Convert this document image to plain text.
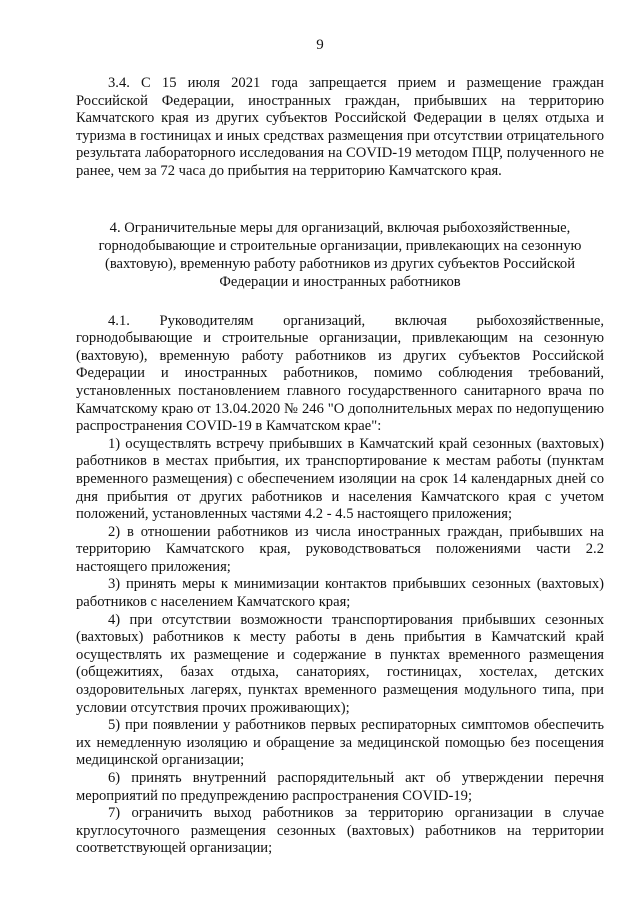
9

3.4. С 15 июля 2021 года запрещается прием и размещение граждан Российской Федерации, иностранных граждан, прибывших на территорию Камчатского края из других субъектов Российской Федерации в целях отдыха и туризма в гостиницах и иных средствах размещения при отсутствии отрицательного результата лабораторного исследования на COVID-19 методом ПЦР, полученного не ранее, чем за 72 часа до прибытия на территорию Камчатского края.

4. Ограничительные меры для организаций, включая рыбохозяйственные, горнодобывающие и строительные организации, привлекающих на сезонную (вахтовую), временную работу работников из других субъектов Российской Федерации и иностранных работников

4.1. Руководителям организаций, включая рыбохозяйственные, горнодобывающие и строительные организации, привлекающим на сезонную (вахтовую), временную работу работников из других субъектов Российской Федерации и иностранных работников, помимо соблюдения требований, установленных постановлением главного государственного санитарного врача по Камчатскому краю от 13.04.2020 № 246 "О дополнительных мерах по недопущению распространения COVID-19 в Камчатском крае":

1) осуществлять встречу прибывших в Камчатский край сезонных (вахтовых) работников в местах прибытия, их транспортирование к местам работы (пунктам временного размещения) с обеспечением изоляции на срок 14 календарных дней со дня прибытия от других работников и населения Камчатского края с учетом положений, установленных частями 4.2 - 4.5 настоящего приложения;

2) в отношении работников из числа иностранных граждан, прибывших на территорию Камчатского края, руководствоваться положениями части 2.2 настоящего приложения;

3) принять меры к минимизации контактов прибывших сезонных (вахтовых) работников с населением Камчатского края;

4) при отсутствии возможности транспортирования прибывших сезонных (вахтовых) работников к месту работы в день прибытия в Камчатский край осуществлять их размещение и содержание в пунктах временного размещения (общежитиях, базах отдыха, санаториях, гостиницах, хостелах, детских оздоровительных лагерях, пунктах временного размещения модульного типа, при условии отсутствия прочих проживающих);

5) при появлении у работников первых респираторных симптомов обеспечить их немедленную изоляцию и обращение за медицинской помощью без посещения медицинской организации;

6) принять внутренний распорядительный акт об утверждении перечня мероприятий по предупреждению распространения COVID-19;

7) ограничить выход работников за территорию организации в случае круглосуточного размещения сезонных (вахтовых) работников на территории соответствующей организации;
